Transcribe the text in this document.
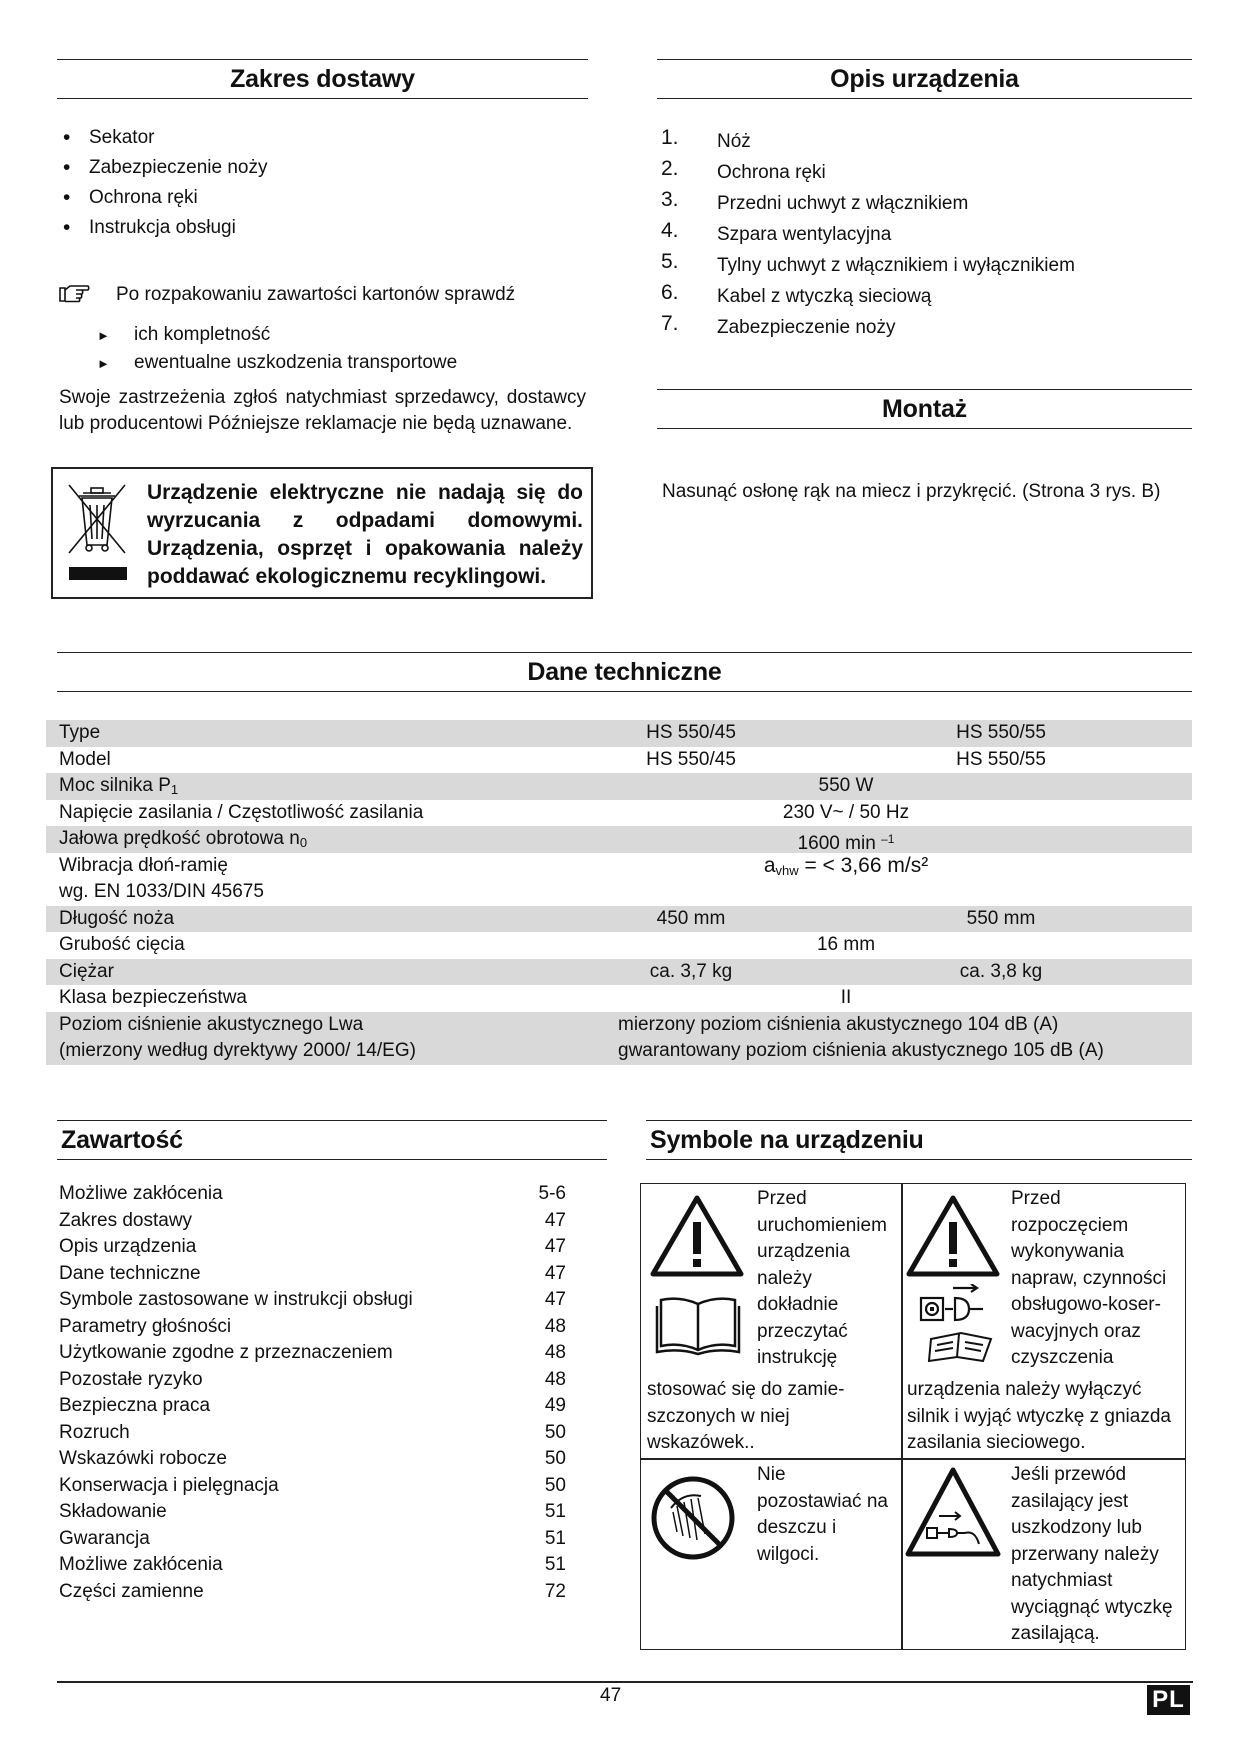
Zakres dostawy
• Sekator
• Zabezpieczenie noży
• Ochrona ręki
• Instrukcja obsługi
Po rozpakowaniu zawartości kartonów sprawdź
► ich kompletność
► ewentualne uszkodzenia transportowe
Swoje zastrzeżenia zgłoś natychmiast sprzedawcy, dostawcy lub producentowi Późniejsze reklamacje nie będą uznawane.
Urządzenie elektryczne nie nadają się do wyrzucania z odpadami domowymi. Urządzenia, osprzęt i opakowania należy poddawać ekologicznemu recyklingowi.
Opis urządzenia
1. Nóż
2. Ochrona ręki
3. Przedni uchwyt z włącznikiem
4. Szpara wentylacyjna
5. Tylny uchwyt z włącznikiem i wyłącznikiem
6. Kabel z wtyczką sieciową
7. Zabezpieczenie noży
Montaż
Nasunąć osłonę rąk na miecz i przykręcić. (Strona 3 rys. B)
Dane techniczne
Type	HS 550/45	HS 550/55
Model	HS 550/45	HS 550/55
Moc silnika $P_1$	550 W
Napięcie zasilania / Częstotliwość zasilania	230 V~ / 50 Hz
Jałowa prędkość obrotowa $n_0$	1600 min $^{-1}$
Wibracja dłoń-ramię
wg. EN 1033/DIN 45675
$a_{vhw}$ = < 3,66 m/s²
Długość noża	450 mm	550 mm
Grubość cięcia	16 mm
Ciężar	ca. 3,7 kg	ca. 3,8 kg
Klasa bezpieczeństwa	II
Poziom ciśnienie akustycznego Lwa
(mierzony według dyrektywy 2000/ 14/EG)
mierzony poziom ciśnienia akustycznego 104 dB (A)
gwarantowany poziom ciśnienia akustycznego 105 dB (A)
Zawartość
Możliwe zakłócenia	5-6
Zakres dostawy	47
Opis urządzenia	47
Dane techniczne	47
Symbole zastosowane w instrukcji obsługi	47
Parametry głośności	48
Użytkowanie zgodne z przeznaczeniem	48
Pozostałe ryzyko	48
Bezpieczna praca	49
Rozruch	50
Wskazówki robocze	50
Konserwacja i pielęgnacja	50
Składowanie	51
Gwarancja	51
Możliwe zakłócenia	51
Części zamienne	72
Symbole na urządzeniu
Przed
uruchomieniem
urządzenia
należy
dokładnie
przeczytać
instrukcję
stosować się do zamie-
szczonych w niej
wskazówek..
Przed
rozpoczęciem
wykonywania
napraw, czynności
obsługowo-koser-
wacyjnych oraz
czyszczenia
urządzenia należy wyłączyć
silnik i wyjąć wtyczkę z gniazda
zasilania sieciowego.
Nie
pozostawiać na
deszczu i
wilgoci.
Jeśli przewód
zasilający jest
uszkodzony lub
przerwany należy
natychmiast
wyciągnąć wtyczkę
zasilającą.
47	PL
